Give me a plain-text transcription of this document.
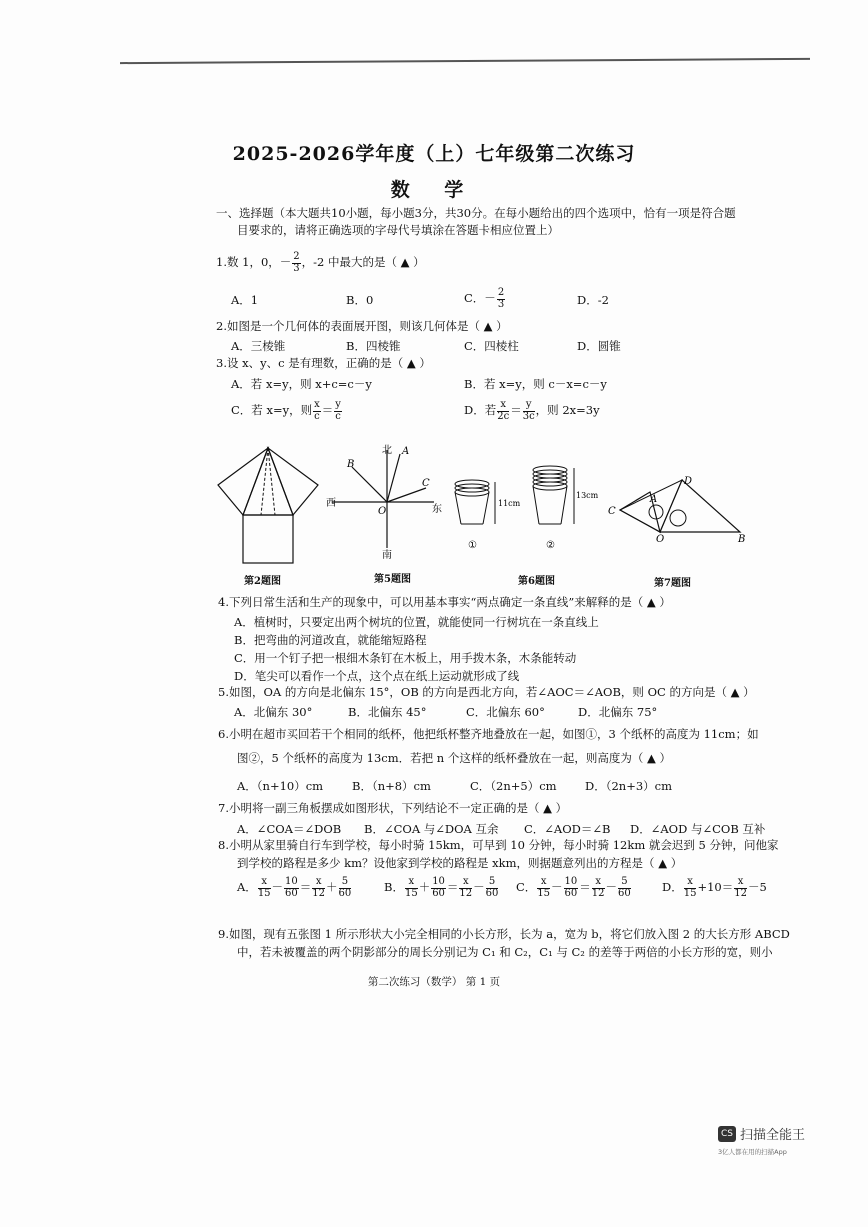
2025-2026学年度（上）七年级第二次练习
数 学
一、选择题（本大题共10小题，每小题3分，共30分。在每小题给出的四个选项中，恰有一项是符合题
目要求的，请将正确选项的字母代号填涂在答题卡相应位置上）
1.数 1，0，－ $\frac{2}{3}$ ，-2 中最大的是（ ▲ ）
A．1	B．0	C．－ $\frac{2}{3}$	D．-2
2.如图是一个几何体的表面展开图，则该几何体是（ ▲ ）
A．三棱锥	B．四棱锥	C．四棱柱	D．圆锥
3.设 x、y、c 是有理数，正确的是（ ▲ ）
A．若 x=y，则 x+c=c－y	B．若 x=y，则 c－x=c－y
C．若 x=y，则 $\frac{x}{c} = \frac{y}{c}$	D．若 $\frac{x}{2c} = \frac{y}{3c}$ ，则 2x=3y
第2题图
北 A
B
C
西
东
O
南
第5题图
11cm
13cm
①	②
第6题图
C
A
D
O	B
第7题图
4.下列日常生活和生产的现象中，可以用基本事实“两点确定一条直线”来解释的是（ ▲ ）
A．植树时，只要定出两个树坑的位置，就能使同一行树坑在一条直线上
B．把弯曲的河道改直，就能缩短路程
C．用一个钉子把一根细木条钉在木板上，用手拨木条，木条能转动
D．笔尖可以看作一个点，这个点在纸上运动就形成了线
5.如图，OA 的方向是北偏东 15°，OB 的方向是西北方向，若∠AOC＝∠AOB，则 OC 的方向是（ ▲ ）
A．北偏东 30°	B．北偏东 45°	C．北偏东 60°	D．北偏东 75°
6.小明在超市买回若干个相同的纸杯，他把纸杯整齐地叠放在一起，如图①，3 个纸杯的高度为 11cm；如
图②，5 个纸杯的高度为 13cm．若把 n 个这样的纸杯叠放在一起，则高度为（ ▲ ）
A．（n+10）cm	B．（n+8）cm	C．（2n+5）cm D．（2n+3）cm
7.小明将一副三角板摆成如图形状，下列结论不一定正确的是（ ▲ ）
A．∠COA＝∠DOB B．∠COA 与∠DOA 互余 C．∠AOD＝∠B D．∠AOD 与∠COB 互补
8.小明从家里骑自行车到学校，每小时骑 15km，可早到 10 分钟，每小时骑 12km 就会迟到 5 分钟，问他家
到学校的路程是多少 km？设他家到学校的路程是 xkm，则据题意列出的方程是（ ▲ ）
A． $\frac{x}{15} - \frac{10}{60} = \frac{x}{12} + \frac{5}{60}$	B． $\frac{x}{15} + \frac{10}{60} = \frac{x}{12} - \frac{5}{60}$ C． $\frac{x}{15} - \frac{10}{60} = \frac{x}{12} - \frac{5}{60}$	D． $\frac{x}{15} +10= \frac{x}{12} -5$
9.如图，现有五张图 1 所示形状大小完全相同的小长方形，长为 a，宽为 b，将它们放入图 2 的大长方形 ABCD
中，若未被覆盖的两个阴影部分的周长分别记为 C₁ 和 C₂，C₁ 与 C₂ 的差等于两倍的小长方形的宽，则小
第二次练习（数学） 第 1 页
CS 扫描全能王
3亿人都在用的扫描App
